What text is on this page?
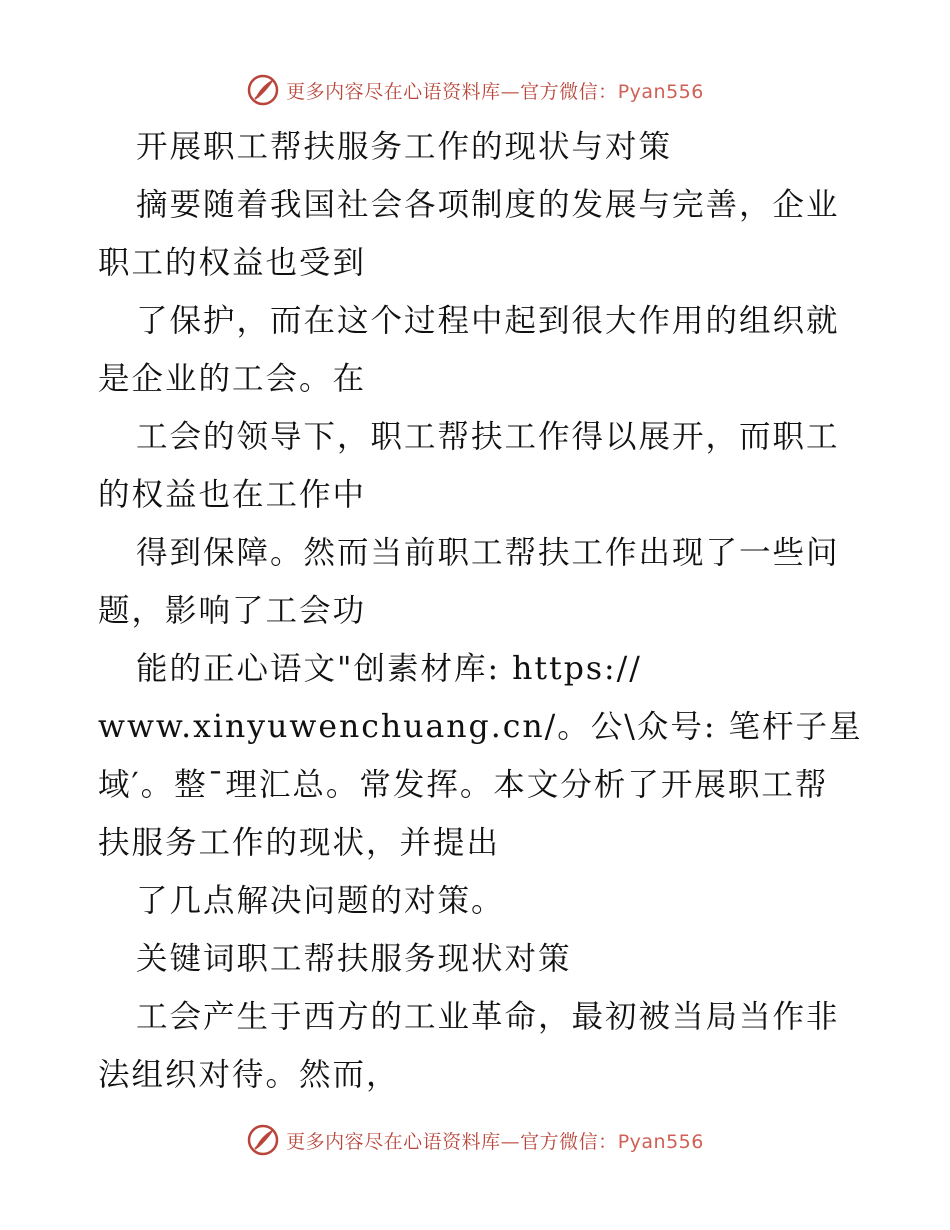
更多内容尽在心语资料库—官方微信：Pyan556
开展职工帮扶服务工作的现状与对策
摘要随着我国社会各项制度的发展与完善，企业
职工的权益也受到
了保护，而在这个过程中起到很大作用的组织就
是企业的工会。在
工会的领导下，职工帮扶工作得以展开，而职工
的权益也在工作中
得到保障。然而当前职工帮扶工作出现了一些问
题，影响了工会功
能的正心语文"创素材库: https://
www.xinyuwenchuang.cn/。公\众号: 笔杆子星
域′。整¯理汇总。常发挥。本文分析了开展职工帮
扶服务工作的现状，并提出
了几点解决问题的对策。
关键词职工帮扶服务现状对策
工会产生于西方的工业革命，最初被当局当作非
法组织对待。然而，
更多内容尽在心语资料库—官方微信：Pyan556
